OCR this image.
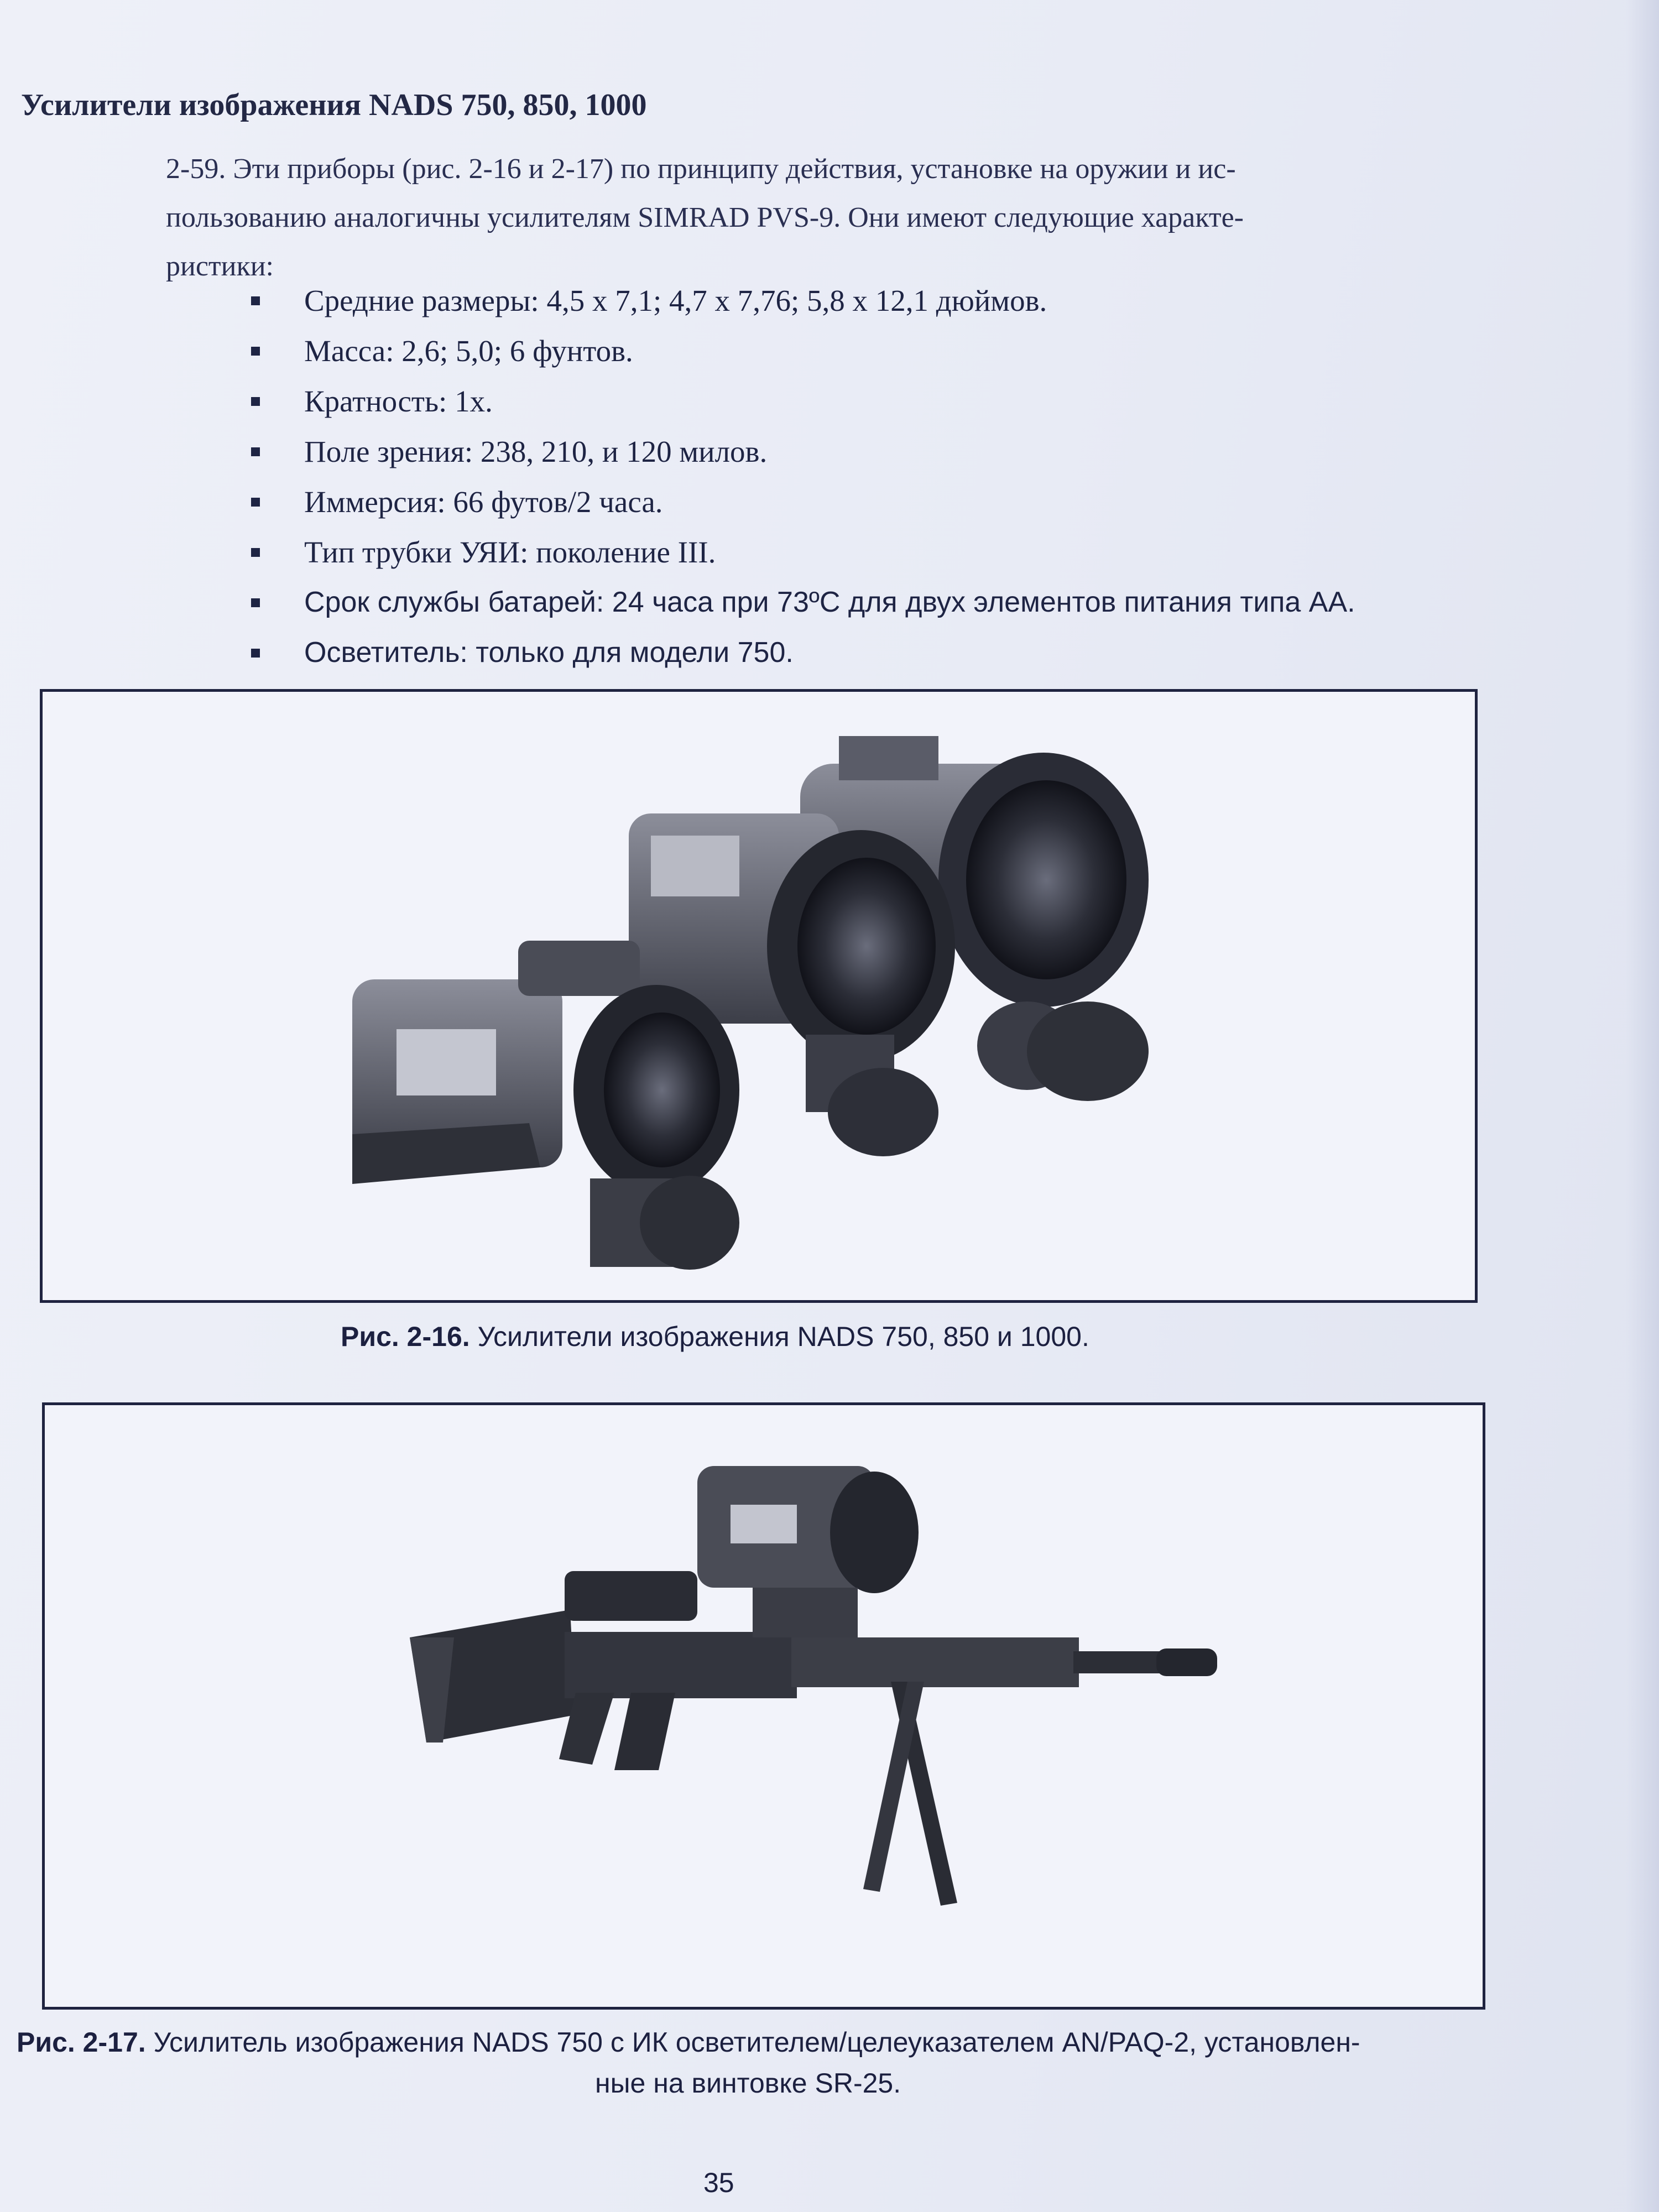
Усилители изображения NADS 750, 850, 1000

2-59. Эти приборы (рис. 2-16 и 2-17) по принципу действия, установке на оружии и ис-
пользованию аналогичны усилителям SIMRAD PVS-9. Они имеют следующие характе-
ристики:

Средние размеры: 4,5 х 7,1; 4,7 х 7,76; 5,8 х 12,1 дюймов.
Масса: 2,6; 5,0; 6 фунтов.
Кратность: 1х.
Поле зрения: 238, 210, и 120 милов.
Иммерсия: 66 футов/2 часа.
Тип трубки УЯИ: поколение III.
Срок службы батарей: 24 часа при 73ºС для двух элементов питания типа АА.
Осветитель: только для модели 750.
Рис. 2-16. Усилители изображения NADS 750, 850 и 1000.
Рис. 2-17. Усилитель изображения NADS 750 с ИК осветителем/целеуказателем AN/PAQ-2, установлен-
ные на винтовке SR-25.
35
